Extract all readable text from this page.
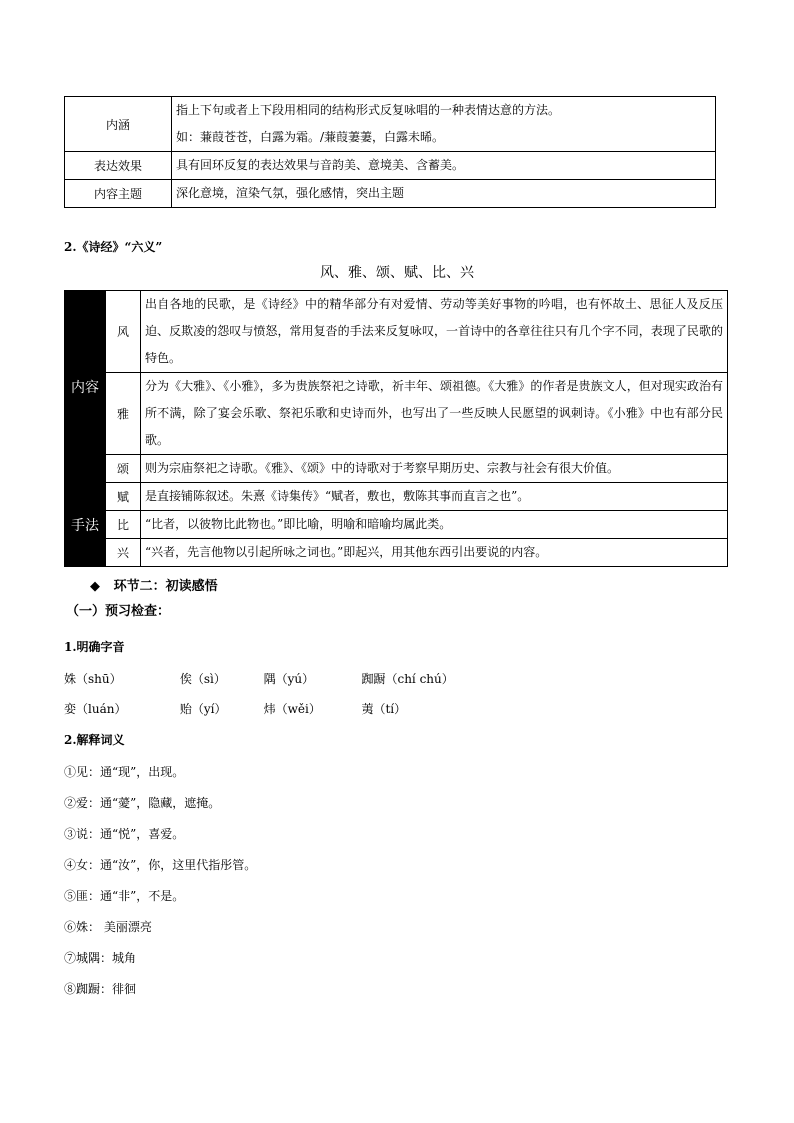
内涵	指上下句或者上下段用相同的结构形式反复咏唱的一种表情达意的方法。
如：蒹葭苍苍，白露为霜。/蒹葭萋萋，白露未晞。

表达效果	具有回环反复的表达效果与音韵美、意境美、含蓄美。
内容主题	深化意境，渲染气氛，强化感情，突出主题
2.《诗经》“六义”
风、雅、颂、赋、比、兴
内容	风	出自各地的民歌，是《诗经》中的精华部分有对爱情、劳动等美好事物的吟唱，也有怀故土、思征人及反压迫、反欺凌的怨叹与愤怒，常用复沓的手法来反复咏叹，一首诗中的各章往往只有几个字不同，表现了民歌的特色。
	雅	分为《大雅》、《小雅》，多为贵族祭祀之诗歌，祈丰年、颂祖德。《大雅》的作者是贵族文人，但对现实政治有所不满，除了宴会乐歌、祭祀乐歌和史诗而外，也写出了一些反映人民愿望的讽刺诗。《小雅》中也有部分民歌。
	颂	则为宗庙祭祀之诗歌。《雅》、《颂》中的诗歌对于考察早期历史、宗教与社会有很大价值。
手法	赋	是直接铺陈叙述。朱熹《诗集传》“赋者，敷也，敷陈其事而直言之也”。
	比	“比者，以彼物比此物也。”即比喻，明喻和暗喻均属此类。
	兴	“兴者，先言他物以引起所咏之词也。”即起兴，用其他东西引出要说的内容。
◆ 环节二：初读感悟
（一）预习检查：
1.明确字音
姝（shū）	俟（sì）	隅（yú）	踟蹰（chí chú）
娈（luán）	贻（yí）	炜（wěi）	荑（tí）
2.解释词义
①见：通“现”，出现。
②爱：通“薆”，隐藏，遮掩。
③说：通“悦”，喜爱。
④女：通“汝”，你，这里代指彤管。
⑤匪：通“非”，不是。
⑥姝： 美丽漂亮
⑦城隅：城角
⑧踟蹰：徘徊
